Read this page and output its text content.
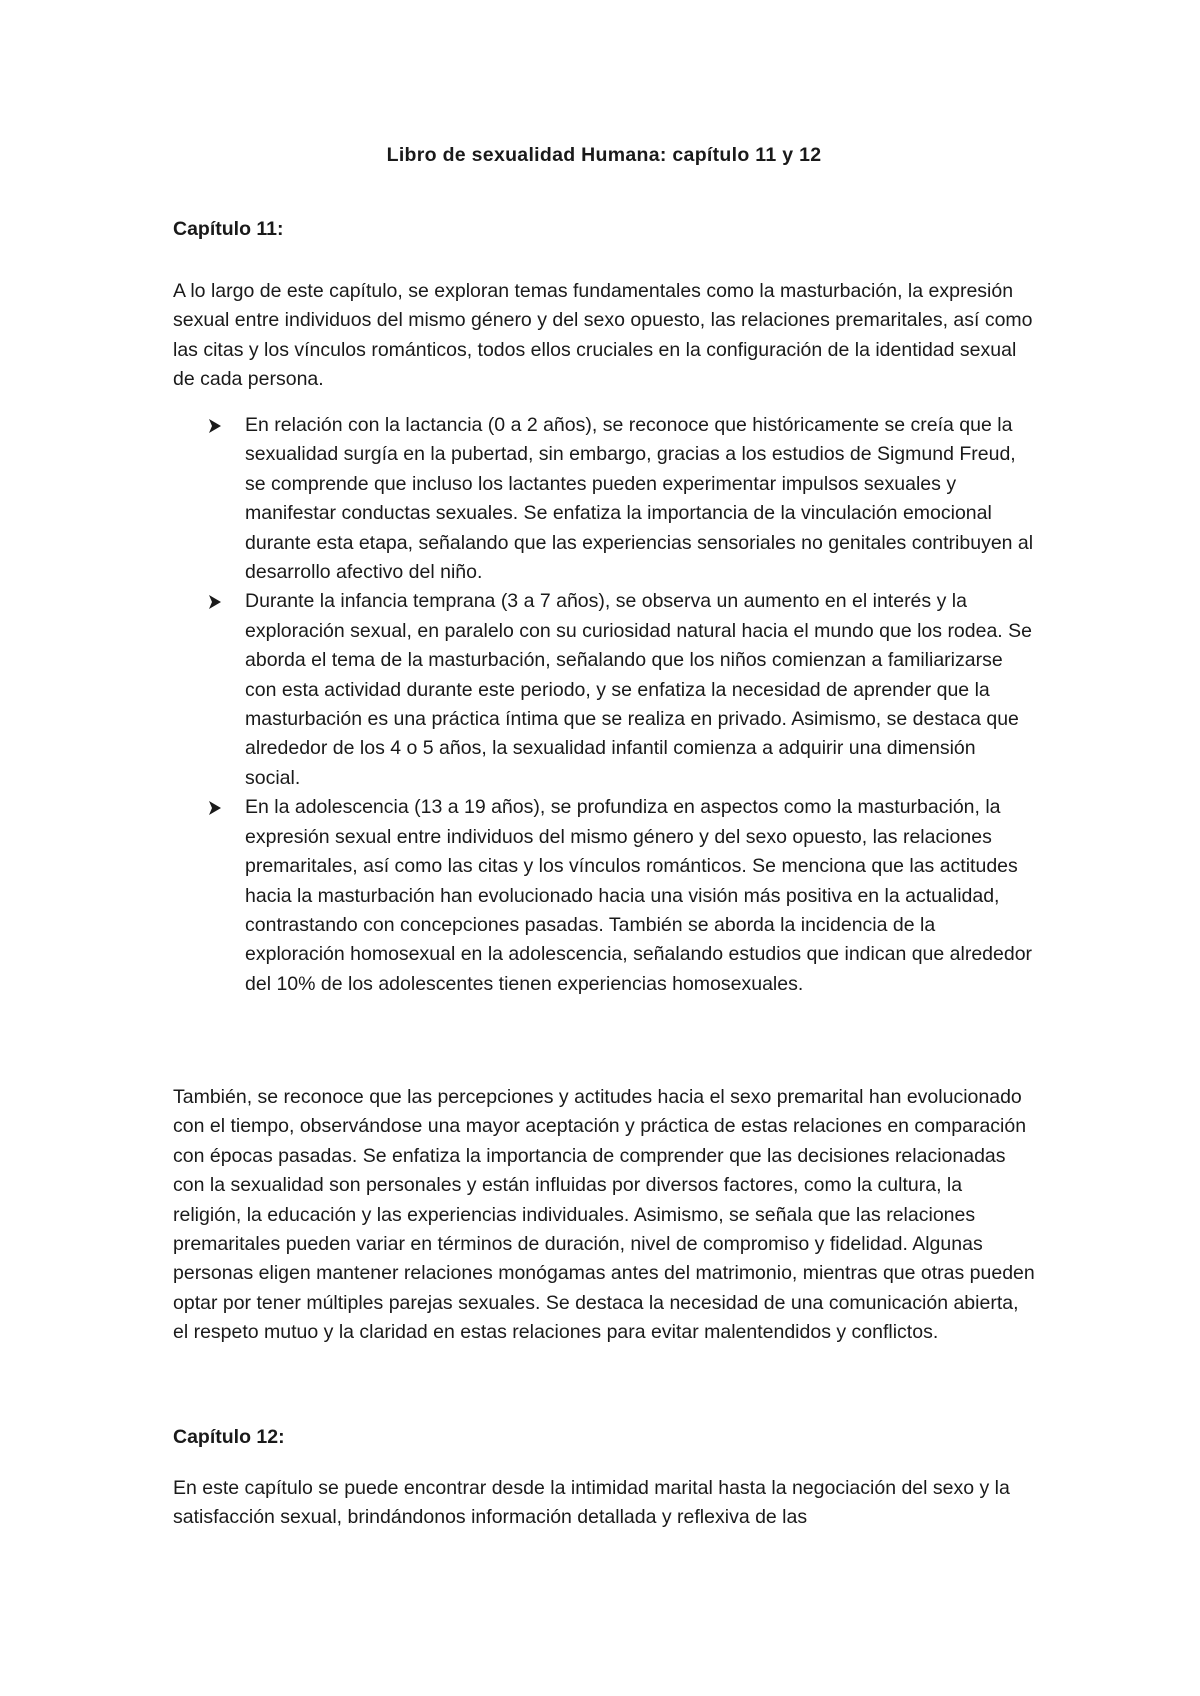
Libro de sexualidad Humana: capítulo 11 y 12
Capítulo 11:

A lo largo de este capítulo, se exploran temas fundamentales como la masturbación, la expresión sexual entre individuos del mismo género y del sexo opuesto, las relaciones premaritales, así como las citas y los vínculos románticos, todos ellos cruciales en la configuración de la identidad sexual de cada persona.

En relación con la lactancia (0 a 2 años), se reconoce que históricamente se creía que la sexualidad surgía en la pubertad, sin embargo, gracias a los estudios de Sigmund Freud, se comprende que incluso los lactantes pueden experimentar impulsos sexuales y manifestar conductas sexuales. Se enfatiza la importancia de la vinculación emocional durante esta etapa, señalando que las experiencias sensoriales no genitales contribuyen al desarrollo afectivo del niño.
Durante la infancia temprana (3 a 7 años), se observa un aumento en el interés y la exploración sexual, en paralelo con su curiosidad natural hacia el mundo que los rodea. Se aborda el tema de la masturbación, señalando que los niños comienzan a familiarizarse con esta actividad durante este periodo, y se enfatiza la necesidad de aprender que la masturbación es una práctica íntima que se realiza en privado. Asimismo, se destaca que alrededor de los 4 o 5 años, la sexualidad infantil comienza a adquirir una dimensión social.
En la adolescencia (13 a 19 años), se profundiza en aspectos como la masturbación, la expresión sexual entre individuos del mismo género y del sexo opuesto, las relaciones premaritales, así como las citas y los vínculos románticos. Se menciona que las actitudes hacia la masturbación han evolucionado hacia una visión más positiva en la actualidad, contrastando con concepciones pasadas. También se aborda la incidencia de la exploración homosexual en la adolescencia, señalando estudios que indican que alrededor del 10% de los adolescentes tienen experiencias homosexuales.

También, se reconoce que las percepciones y actitudes hacia el sexo premarital han evolucionado con el tiempo, observándose una mayor aceptación y práctica de estas relaciones en comparación con épocas pasadas. Se enfatiza la importancia de comprender que las decisiones relacionadas con la sexualidad son personales y están influidas por diversos factores, como la cultura, la religión, la educación y las experiencias individuales. Asimismo, se señala que las relaciones premaritales pueden variar en términos de duración, nivel de compromiso y fidelidad. Algunas personas eligen mantener relaciones monógamas antes del matrimonio, mientras que otras pueden optar por tener múltiples parejas sexuales. Se destaca la necesidad de una comunicación abierta, el respeto mutuo y la claridad en estas relaciones para evitar malentendidos y conflictos.

Capítulo 12:

En este capítulo se puede encontrar desde la intimidad marital hasta la negociación del sexo y la satisfacción sexual, brindándonos información detallada y reflexiva de las
